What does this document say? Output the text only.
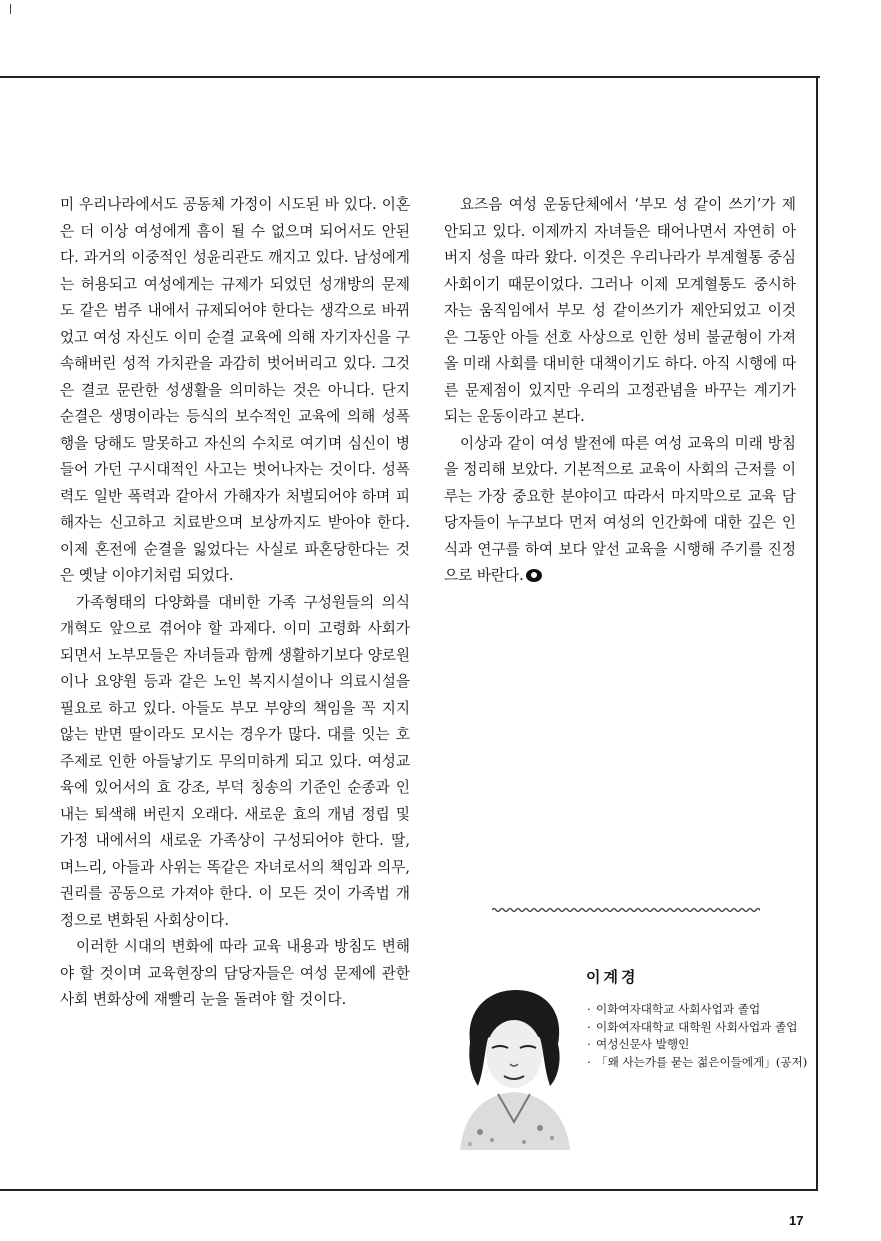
미 우리나라에서도 공동체 가정이 시도된 바 있다. 이혼은 더 이상 여성에게 흠이 될 수 없으며 되어서도 안된다. 과거의 이중적인 성윤리관도 깨지고 있다. 남성에게는 허용되고 여성에게는 규제가 되었던 성개방의 문제도 같은 범주 내에서 규제되어야 한다는 생각으로 바뀌었고 여성 자신도 이미 순결 교육에 의해 자기자신을 구속해버린 성적 가치관을 과감히 벗어버리고 있다. 그것은 결코 문란한 성생활을 의미하는 것은 아니다. 단지 순결은 생명이라는 등식의 보수적인 교육에 의해 성폭행을 당해도 말못하고 자신의 수치로 여기며 심신이 병들어 가던 구시대적인 사고는 벗어나자는 것이다. 성폭력도 일반 폭력과 같아서 가해자가 처벌되어야 하며 피해자는 신고하고 치료받으며 보상까지도 받아야 한다. 이제 혼전에 순결을 잃었다는 사실로 파혼당한다는 것은 옛날 이야기처럼 되었다.

가족형태의 다양화를 대비한 가족 구성원들의 의식 개혁도 앞으로 겪어야 할 과제다. 이미 고령화 사회가 되면서 노부모들은 자녀들과 함께 생활하기보다 양로원이나 요양원 등과 같은 노인 복지시설이나 의료시설을 필요로 하고 있다. 아들도 부모 부양의 책임을 꼭 지지 않는 반면 딸이라도 모시는 경우가 많다. 대를 잇는 호주제로 인한 아들낳기도 무의미하게 되고 있다. 여성교육에 있어서의 효 강조, 부덕 칭송의 기준인 순종과 인내는 퇴색해 버린지 오래다. 새로운 효의 개념 정립 및 가정 내에서의 새로운 가족상이 구성되어야 한다. 딸, 며느리, 아들과 사위는 똑같은 자녀로서의 책임과 의무, 권리를 공동으로 가져야 한다. 이 모든 것이 가족법 개정으로 변화된 사회상이다.

이러한 시대의 변화에 따라 교육 내용과 방침도 변해야 할 것이며 교육현장의 담당자들은 여성 문제에 관한 사회 변화상에 재빨리 눈을 돌려야 할 것이다.

요즈음 여성 운동단체에서 ‘부모 성 같이 쓰기’가 제안되고 있다. 이제까지 자녀들은 태어나면서 자연히 아버지 성을 따라 왔다. 이것은 우리나라가 부계혈통 중심 사회이기 때문이었다. 그러나 이제 모계혈통도 중시하자는 움직임에서 부모 성 같이쓰기가 제안되었고 이것은 그동안 아들 선호 사상으로 인한 성비 불균형이 가져올 미래 사회를 대비한 대책이기도 하다. 아직 시행에 따른 문제점이 있지만 우리의 고정관념을 바꾸는 계기가 되는 운동이라고 본다.

이상과 같이 여성 발전에 따른 여성 교육의 미래 방침을 정리해 보았다. 기본적으로 교육이 사회의 근저를 이루는 가장 중요한 분야이고 따라서 마지막으로 교육 담당자들이 누구보다 먼저 여성의 인간화에 대한 깊은 인식과 연구를 하여 보다 앞선 교육을 시행해 주기를 진정으로 바란다.

이계경

· 이화여자대학교 사회사업과 졸업
· 이화여자대학교 대학원 사회사업과 졸업
· 여성신문사 발행인
· 「왜 사는가를 묻는 젊은이들에게」(공저)
17
